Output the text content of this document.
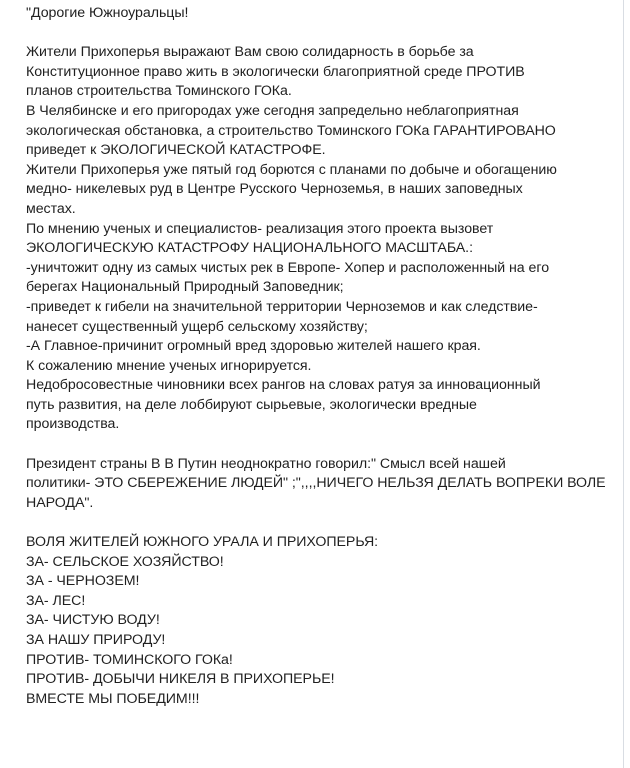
"Дорогие Южноуральцы!
Жители Прихоперья выражают Вам свою солидарность в борьбе за
Конституционное право жить в экологически благоприятной среде ПРОТИВ
планов строительства Томинского ГОКа.
В Челябинске и его пригородах уже сегодня запредельно неблагоприятная
экологическая обстановка, а строительство Томинского ГОКа ГАРАНТИРОВАНО
приведет к ЭКОЛОГИЧЕСКОЙ КАТАСТРОФЕ.
Жители Прихоперья уже пятый год борются с планами по добыче и обогащению
медно- никелевых руд в Центре Русского Черноземья, в наших заповедных
местах.
По мнению ученых и специалистов- реализация этого проекта вызовет
ЭКОЛОГИЧЕСКУЮ КАТАСТРОФУ НАЦИОНАЛЬНОГО МАСШТАБА.:
-уничтожит одну из самых чистых рек в Европе- Хопер и расположенный на его
берегах Национальный Природный Заповедник;
-приведет к гибели на значительной территории Черноземов и как следствие-
нанесет существенный ущерб сельскому хозяйству;
-А Главное-причинит огромный вред здоровью жителей нашего края.
К сожалению мнение ученых игнорируется.
Недобросовестные чиновники всех рангов на словах ратуя за инновационный
путь развития, на деле лоббируют сырьевые, экологически вредные
производства.
Президент страны В В Путин неоднократно говорил:" Смысл всей нашей
политики- ЭТО СБЕРЕЖЕНИЕ ЛЮДЕЙ" ;",,,,НИЧЕГО НЕЛЬЗЯ ДЕЛАТЬ ВОПРЕКИ ВОЛЕ
НАРОДА".
ВОЛЯ ЖИТЕЛЕЙ ЮЖНОГО УРАЛА И ПРИХОПЕРЬЯ:
ЗА- СЕЛЬСКОЕ ХОЗЯЙСТВО!
ЗА - ЧЕРНОЗЕМ!
ЗА- ЛЕС!
ЗА- ЧИСТУЮ ВОДУ!
ЗА НАШУ ПРИРОДУ!
ПРОТИВ- ТОМИНСКОГО ГОКа!
ПРОТИВ- ДОБЫЧИ НИКЕЛЯ В ПРИХОПЕРЬЕ!
ВМЕСТЕ МЫ ПОБЕДИМ!!!
